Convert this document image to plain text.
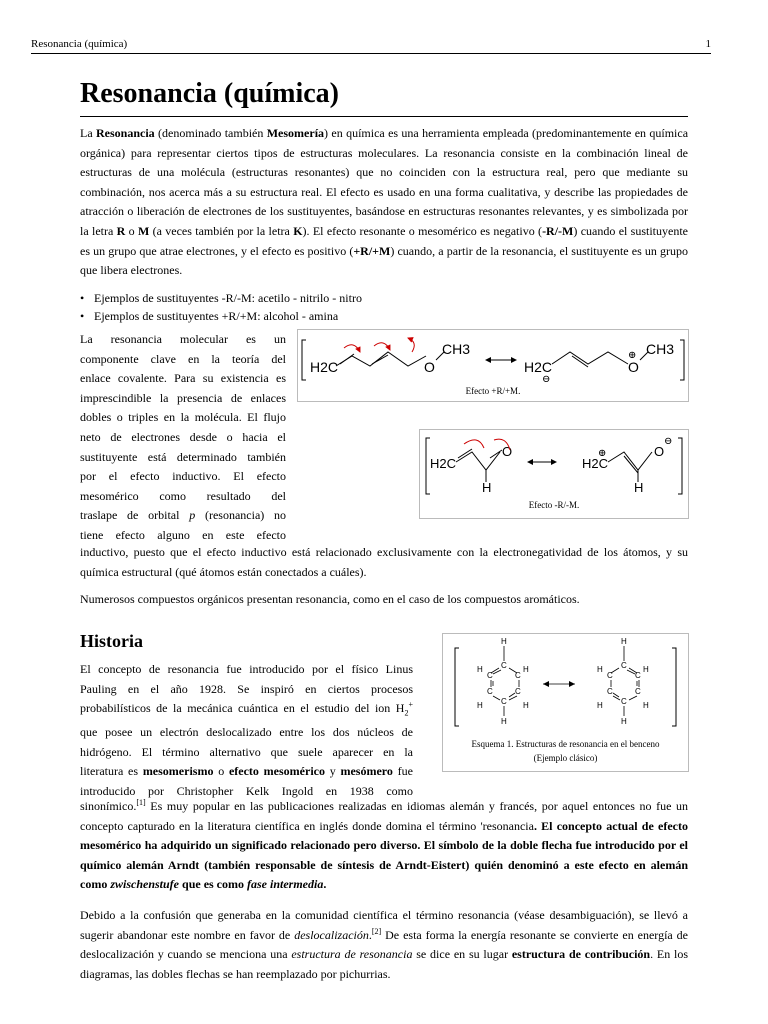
Resonancia (química)	1
Resonancia (química)

La Resonancia (denominado también Mesomería) en química es una herramienta empleada (predominantemente en química orgánica) para representar ciertos tipos de estructuras moleculares. La resonancia consiste en la combinación lineal de estructuras de una molécula (estructuras resonantes) que no coinciden con la estructura real, pero que mediante su combinación, nos acerca más a su estructura real. El efecto es usado en una forma cualitativa, y describe las propiedades de atracción o liberación de electrones de los sustituyentes, basándose en estructuras resonantes relevantes, y es simbolizada por la letra R o M (a veces también por la letra K). El efecto resonante o mesomérico es negativo (-R/-M) cuando el sustituyente es un grupo que atrae electrones, y el efecto es positivo (+R/+M) cuando, a partir de la resonancia, el sustituyente es un grupo que libera electrones.

• Ejemplos de sustituyentes -R/-M: acetilo - nitrilo - nitro
• Ejemplos de sustituyentes +R/+M: alcohol - amina

La resonancia molecular es un
componente clave en la teoría del
enlace covalente. Para su existencia es
imprescindible la presencia de enlaces
dobles o triples en la molécula. El flujo
neto de electrones desde o hacia el
sustituyente está determinado también
por el efecto inductivo. El efecto
mesomérico como resultado del
traslape de orbital p (resonancia) no
tiene efecto alguno en este efecto

inductivo, puesto que el efecto inductivo está relacionado exclusivamente con la electronegatividad de los átomos, y su química estructural (qué átomos están conectados a cuáles).

Numerosos compuestos orgánicos presentan resonancia, como en el caso de los compuestos aromáticos.

H2C	O
CH3
H2C
⊖
⊕
O
CH3
Efecto +R/+M.
H2C
H
O
H2C
⊕
H
O
⊖
Efecto -R/-M.
H
C
H	H
C	C
C	C
H	H
C
H
H
C
H	H
C	C
C	C
H	H
C
H
Esquema 1. Estructuras de resonancia en el benceno
(Ejemplo clásico)
Historia

El concepto de resonancia fue introducido por el físico Linus
Pauling en el año 1928. Se inspiró en ciertos procesos
probabilísticos de la mecánica cuántica en el estudio del ion $H_2^+$
que posee un electrón deslocalizado entre los dos núcleos de
hidrógeno. El término alternativo que suele aparecer en la
literatura es mesomerismo o efecto mesomérico y mesómero fue
introducido por Christopher Kelk Ingold en 1938 como

sinonímico.[1] Es muy popular en las publicaciones realizadas en idiomas alemán y francés, por aquel entonces no fue un concepto capturado en la literatura científica en inglés donde domina el término 'resonancia. El concepto actual de efecto mesomérico ha adquirido un significado relacionado pero diverso. El símbolo de la doble flecha fue introducido por el químico alemán Arndt (también responsable de síntesis de Arndt-Eistert) quién denominó a este efecto en alemán como zwischenstufe que es como fase intermedia.

Debido a la confusión que generaba en la comunidad científica el término resonancia (véase desambiguación), se llevó a sugerir abandonar este nombre en favor de deslocalización.[2] De esta forma la energía resonante se convierte en energía de deslocalización y cuando se menciona una estructura de resonancia se dice en su lugar estructura de contribución. En los diagramas, las dobles flechas se han reemplazado por pichurrias.
